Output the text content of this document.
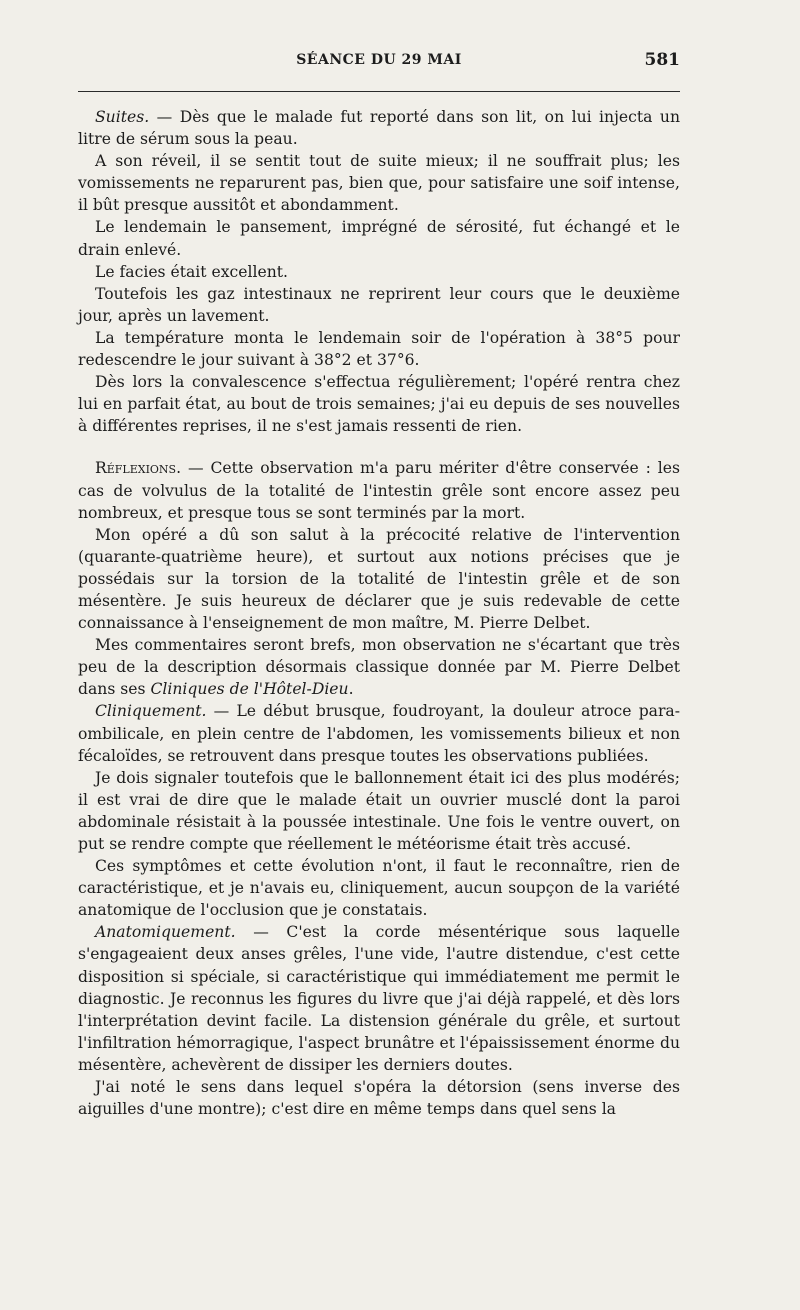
SÉANCE DU 29 MAI	581

Suites. — Dès que le malade fut reporté dans son lit, on lui injecta un litre de sérum sous la peau.

A son réveil, il se sentit tout de suite mieux; il ne souffrait plus; les vomissements ne reparurent pas, bien que, pour satisfaire une soif intense, il bût presque aussitôt et abondamment.

Le lendemain le pansement, imprégné de sérosité, fut échangé et le drain enlevé.

Le facies était excellent.

Toutefois les gaz intestinaux ne reprirent leur cours que le deuxième jour, après un lavement.

La température monta le lendemain soir de l'opération à 38°5 pour redescendre le jour suivant à 38°2 et 37°6.

Dès lors la convalescence s'effectua régulièrement; l'opéré rentra chez lui en parfait état, au bout de trois semaines; j'ai eu depuis de ses nouvelles à différentes reprises, il ne s'est jamais ressenti de rien.

Réflexions. — Cette observation m'a paru mériter d'être conservée : les cas de volvulus de la totalité de l'intestin grêle sont encore assez peu nombreux, et presque tous se sont terminés par la mort.

Mon opéré a dû son salut à la précocité relative de l'intervention (quarante-quatrième heure), et surtout aux notions précises que je possédais sur la torsion de la totalité de l'intestin grêle et de son mésentère. Je suis heureux de déclarer que je suis redevable de cette connaissance à l'enseignement de mon maître, M. Pierre Delbet.

Mes commentaires seront brefs, mon observation ne s'écartant que très peu de la description désormais classique donnée par M. Pierre Delbet dans ses Cliniques de l'Hôtel-Dieu.

Cliniquement. — Le début brusque, foudroyant, la douleur atroce para-ombilicale, en plein centre de l'abdomen, les vomissements bilieux et non fécaloïdes, se retrouvent dans presque toutes les observations publiées.

Je dois signaler toutefois que le ballonnement était ici des plus modérés; il est vrai de dire que le malade était un ouvrier musclé dont la paroi abdominale résistait à la poussée intestinale. Une fois le ventre ouvert, on put se rendre compte que réellement le météorisme était très accusé.

Ces symptômes et cette évolution n'ont, il faut le reconnaître, rien de caractéristique, et je n'avais eu, cliniquement, aucun soupçon de la variété anatomique de l'occlusion que je constatais.

Anatomiquement. — C'est la corde mésentérique sous laquelle s'engageaient deux anses grêles, l'une vide, l'autre distendue, c'est cette disposition si spéciale, si caractéristique qui immédiatement me permit le diagnostic. Je reconnus les figures du livre que j'ai déjà rappelé, et dès lors l'interprétation devint facile. La distension générale du grêle, et surtout l'infiltration hémorragique, l'aspect brunâtre et l'épaississement énorme du mésentère, achevèrent de dissiper les derniers doutes.

J'ai noté le sens dans lequel s'opéra la détorsion (sens inverse des aiguilles d'une montre); c'est dire en même temps dans quel sens la
